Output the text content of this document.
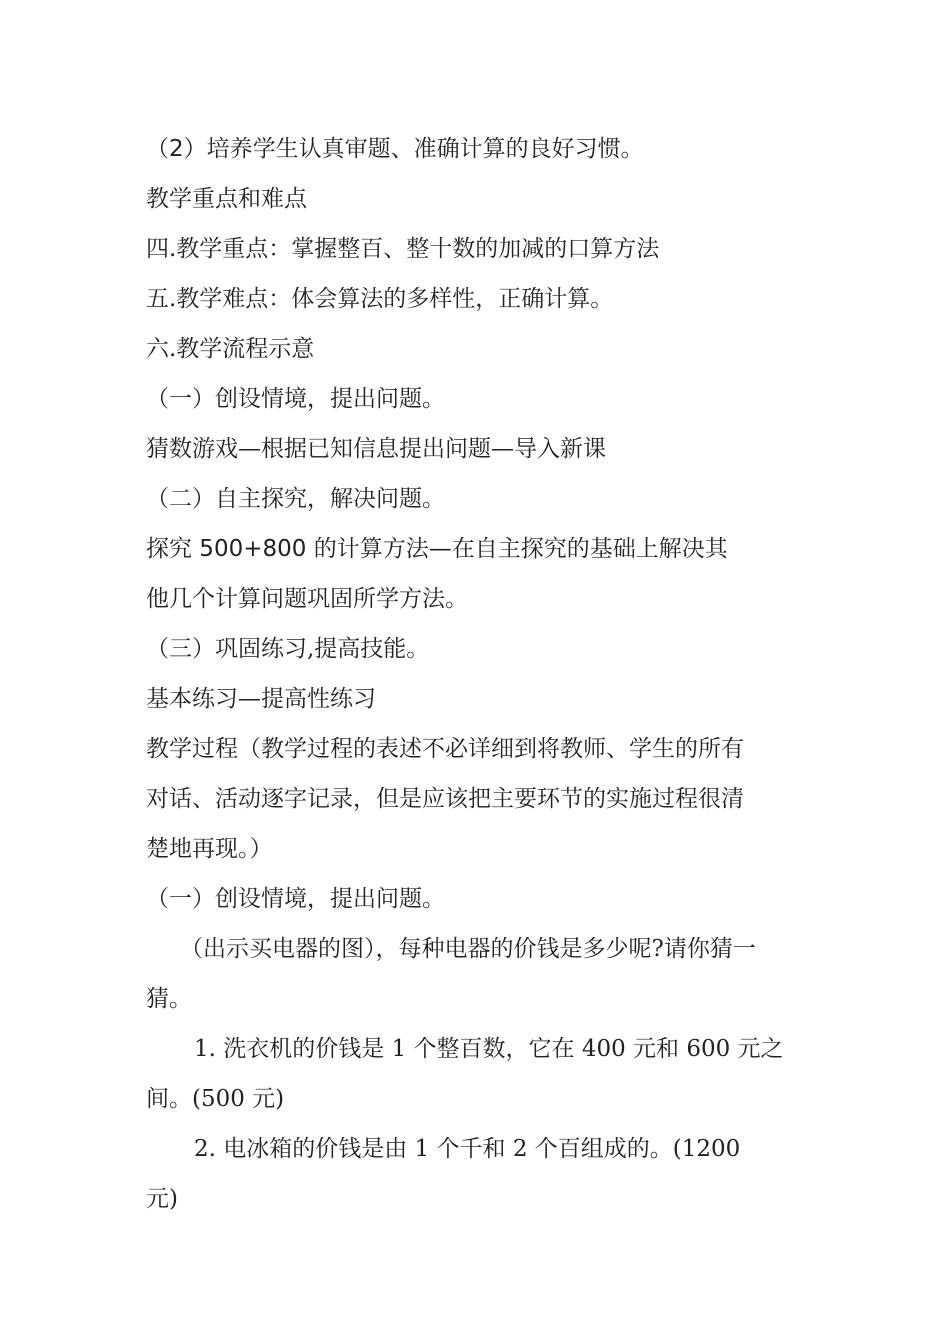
（2）培养学生认真审题、准确计算的良好习惯。
教学重点和难点
四.教学重点：掌握整百、整十数的加减的口算方法
五.教学难点：体会算法的多样性，正确计算。
六.教学流程示意
（一）创设情境，提出问题。
猜数游戏—根据已知信息提出问题—导入新课
（二）自主探究，解决问题。
探究 500+800 的计算方法—在自主探究的基础上解决其
他几个计算问题巩固所学方法。
（三）巩固练习,提高技能。
基本练习—提高性练习
教学过程（教学过程的表述不必详细到将教师、学生的所有
对话、活动逐字记录，但是应该把主要环节的实施过程很清
楚地再现。）
（一）创设情境，提出问题。
（出示买电器的图），每种电器的价钱是多少呢?请你猜一
猜。
1. 洗衣机的价钱是 1 个整百数，它在 400 元和 600 元之
间。(500 元)
2. 电冰箱的价钱是由 1 个千和 2 个百组成的。(1200
元)
